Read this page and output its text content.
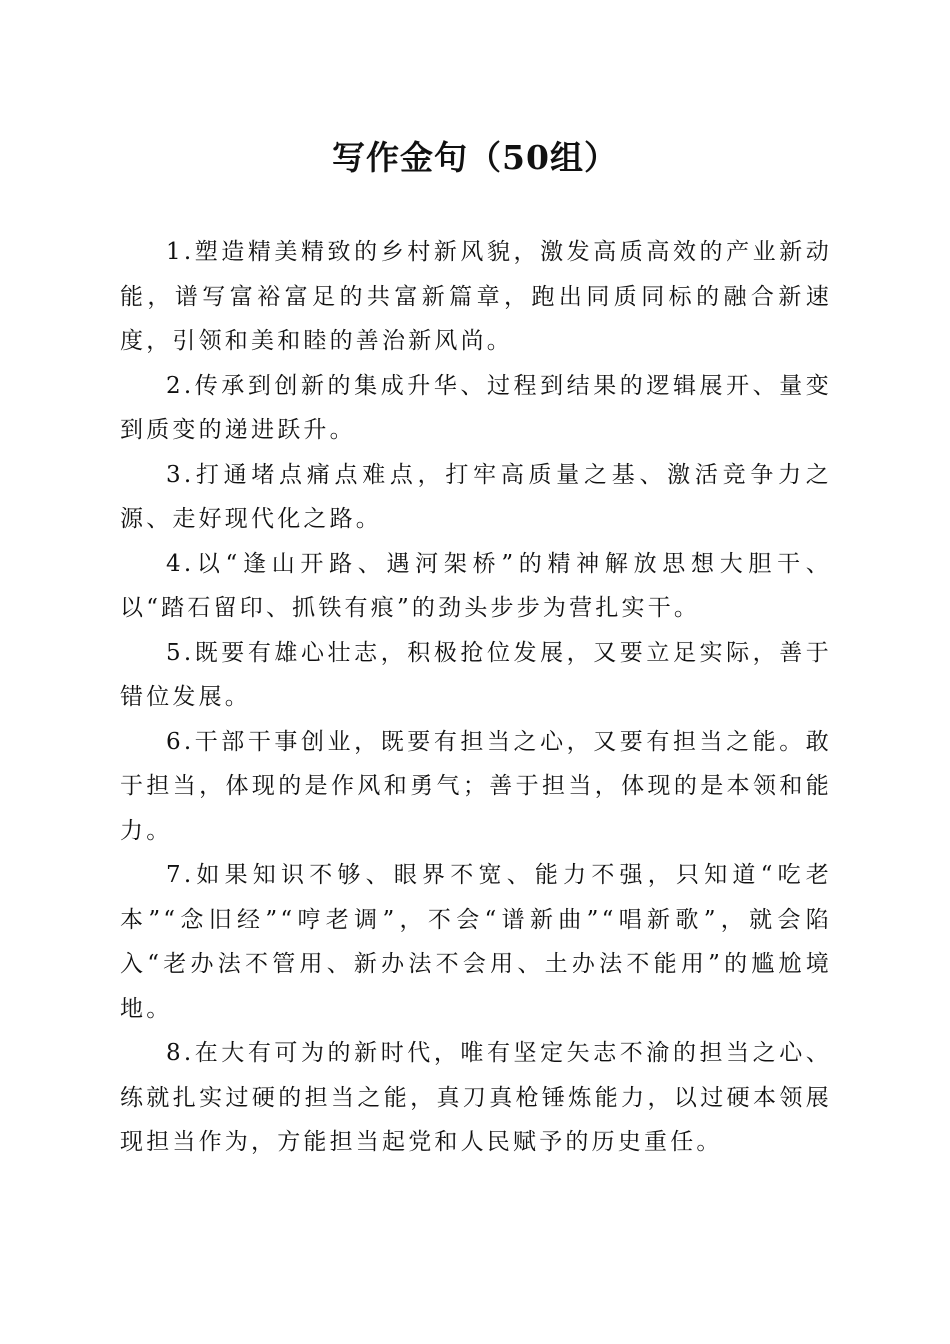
写作金句（50组）

1.塑造精美精致的乡村新风貌，激发高质高效的产业新动能，谱写富裕富足的共富新篇章，跑出同质同标的融合新速度，引领和美和睦的善治新风尚。

2.传承到创新的集成升华、过程到结果的逻辑展开、量变到质变的递进跃升。

3.打通堵点痛点难点，打牢高质量之基、激活竞争力之源、走好现代化之路。

4.以“逢山开路、遇河架桥”的精神解放思想大胆干、以“踏石留印、抓铁有痕”的劲头步步为营扎实干。

5.既要有雄心壮志，积极抢位发展，又要立足实际，善于错位发展。

6.干部干事创业，既要有担当之心，又要有担当之能。敢于担当，体现的是作风和勇气；善于担当，体现的是本领和能力。

7.如果知识不够、眼界不宽、能力不强，只知道“吃老本”“念旧经”“哼老调”，不会“谱新曲”“唱新歌”，就会陷入“老办法不管用、新办法不会用、土办法不能用”的尴尬境地。

8.在大有可为的新时代，唯有坚定矢志不渝的担当之心、练就扎实过硬的担当之能，真刀真枪锤炼能力，以过硬本领展现担当作为，方能担当起党和人民赋予的历史重任。
